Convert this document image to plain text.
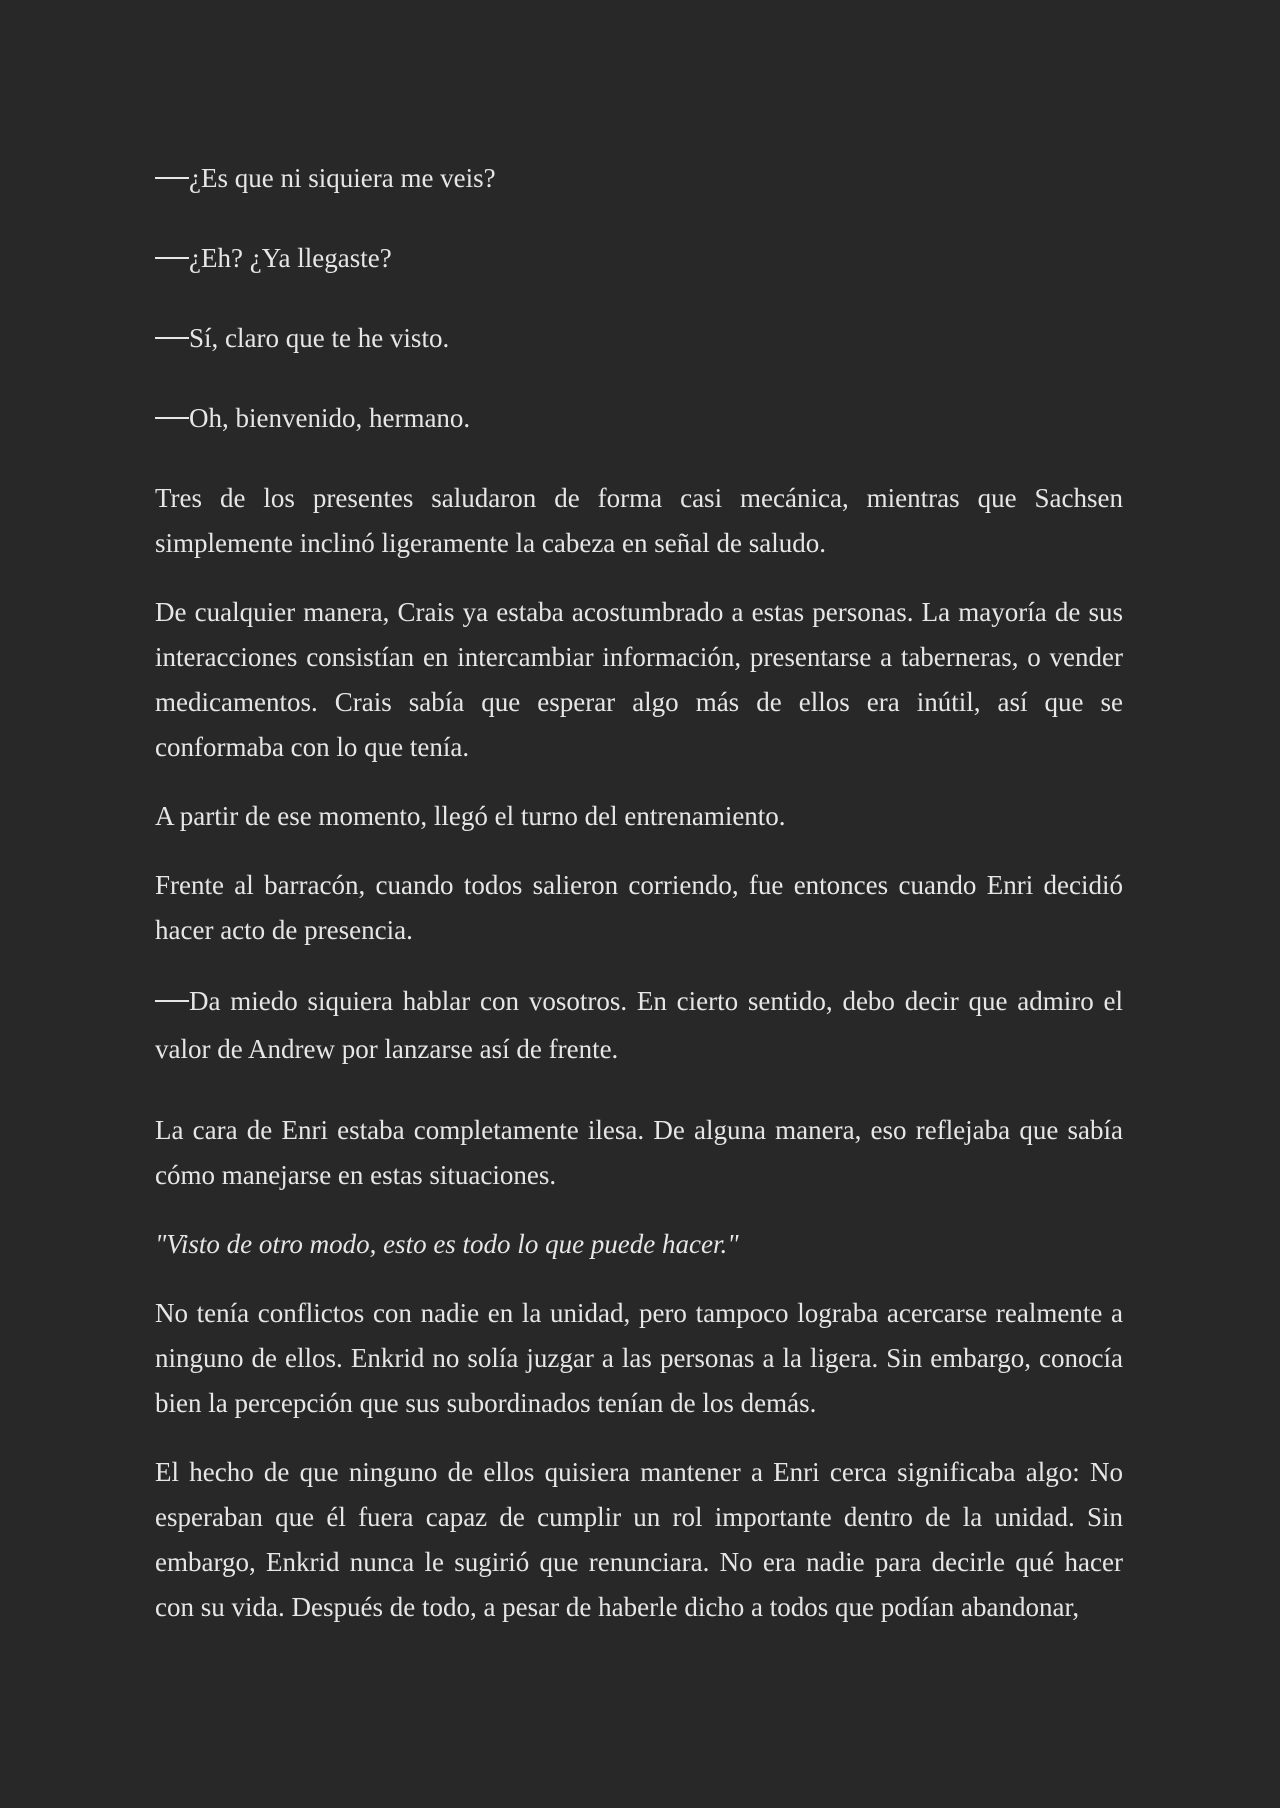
¿Es que ni siquiera me veis?

¿Eh? ¿Ya llegaste?

Sí, claro que te he visto.

Oh, bienvenido, hermano.

Tres de los presentes saludaron de forma casi mecánica, mientras que Sachsen simplemente inclinó ligeramente la cabeza en señal de saludo.

De cualquier manera, Crais ya estaba acostumbrado a estas personas. La mayoría de sus interacciones consistían en intercambiar información, presentarse a taberneras, o vender medicamentos. Crais sabía que esperar algo más de ellos era inútil, así que se conformaba con lo que tenía.

A partir de ese momento, llegó el turno del entrenamiento.

Frente al barracón, cuando todos salieron corriendo, fue entonces cuando Enri decidió hacer acto de presencia.

Da miedo siquiera hablar con vosotros. En cierto sentido, debo decir que admiro el valor de Andrew por lanzarse así de frente.

La cara de Enri estaba completamente ilesa. De alguna manera, eso reflejaba que sabía cómo manejarse en estas situaciones.

"Visto de otro modo, esto es todo lo que puede hacer."

No tenía conflictos con nadie en la unidad, pero tampoco lograba acercarse realmente a ninguno de ellos. Enkrid no solía juzgar a las personas a la ligera. Sin embargo, conocía bien la percepción que sus subordinados tenían de los demás.

El hecho de que ninguno de ellos quisiera mantener a Enri cerca significaba algo: No esperaban que él fuera capaz de cumplir un rol importante dentro de la unidad. Sin embargo, Enkrid nunca le sugirió que renunciara. No era nadie para decirle qué hacer con su vida. Después de todo, a pesar de haberle dicho a todos que podían abandonar,
